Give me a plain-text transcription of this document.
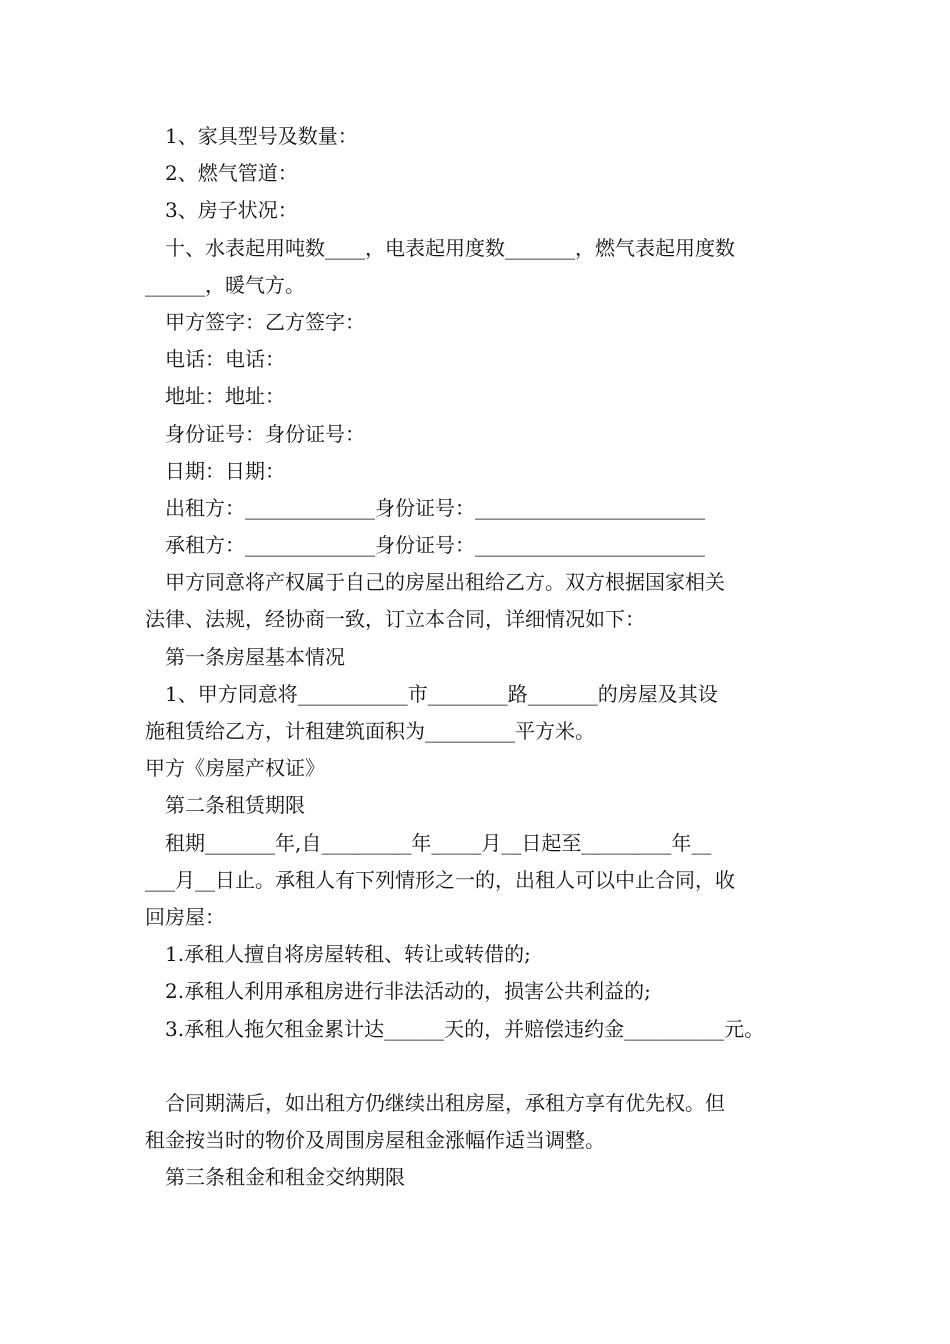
1、家具型号及数量：
2、燃气管道：
3、房子状况：
十、水表起用吨数____，电表起用度数_______，燃气表起用度数
______，暖气方。
甲方签字：乙方签字：
电话：电话：
地址：地址：
身份证号：身份证号：
日期：日期：
出租方：_____________身份证号：_______________________
承租方：_____________身份证号：_______________________
甲方同意将产权属于自己的房屋出租给乙方。双方根据国家相关
法律、法规，经协商一致，订立本合同，详细情况如下：
第一条房屋基本情况
1、甲方同意将___________市________路_______的房屋及其设
施租赁给乙方，计租建筑面积为_________平方米。
甲方《房屋产权证》
第二条租赁期限
租期_______年,自_________年_____月__日起至_________年__
___月__日止。承租人有下列情形之一的，出租人可以中止合同，收
回房屋：
1.承租人擅自将房屋转租、转让或转借的;
2.承租人利用承租房进行非法活动的，损害公共利益的;
3.承租人拖欠租金累计达______天的，并赔偿违约金__________元。
合同期满后，如出租方仍继续出租房屋，承租方享有优先权。但
租金按当时的物价及周围房屋租金涨幅作适当调整。
第三条租金和租金交纳期限
